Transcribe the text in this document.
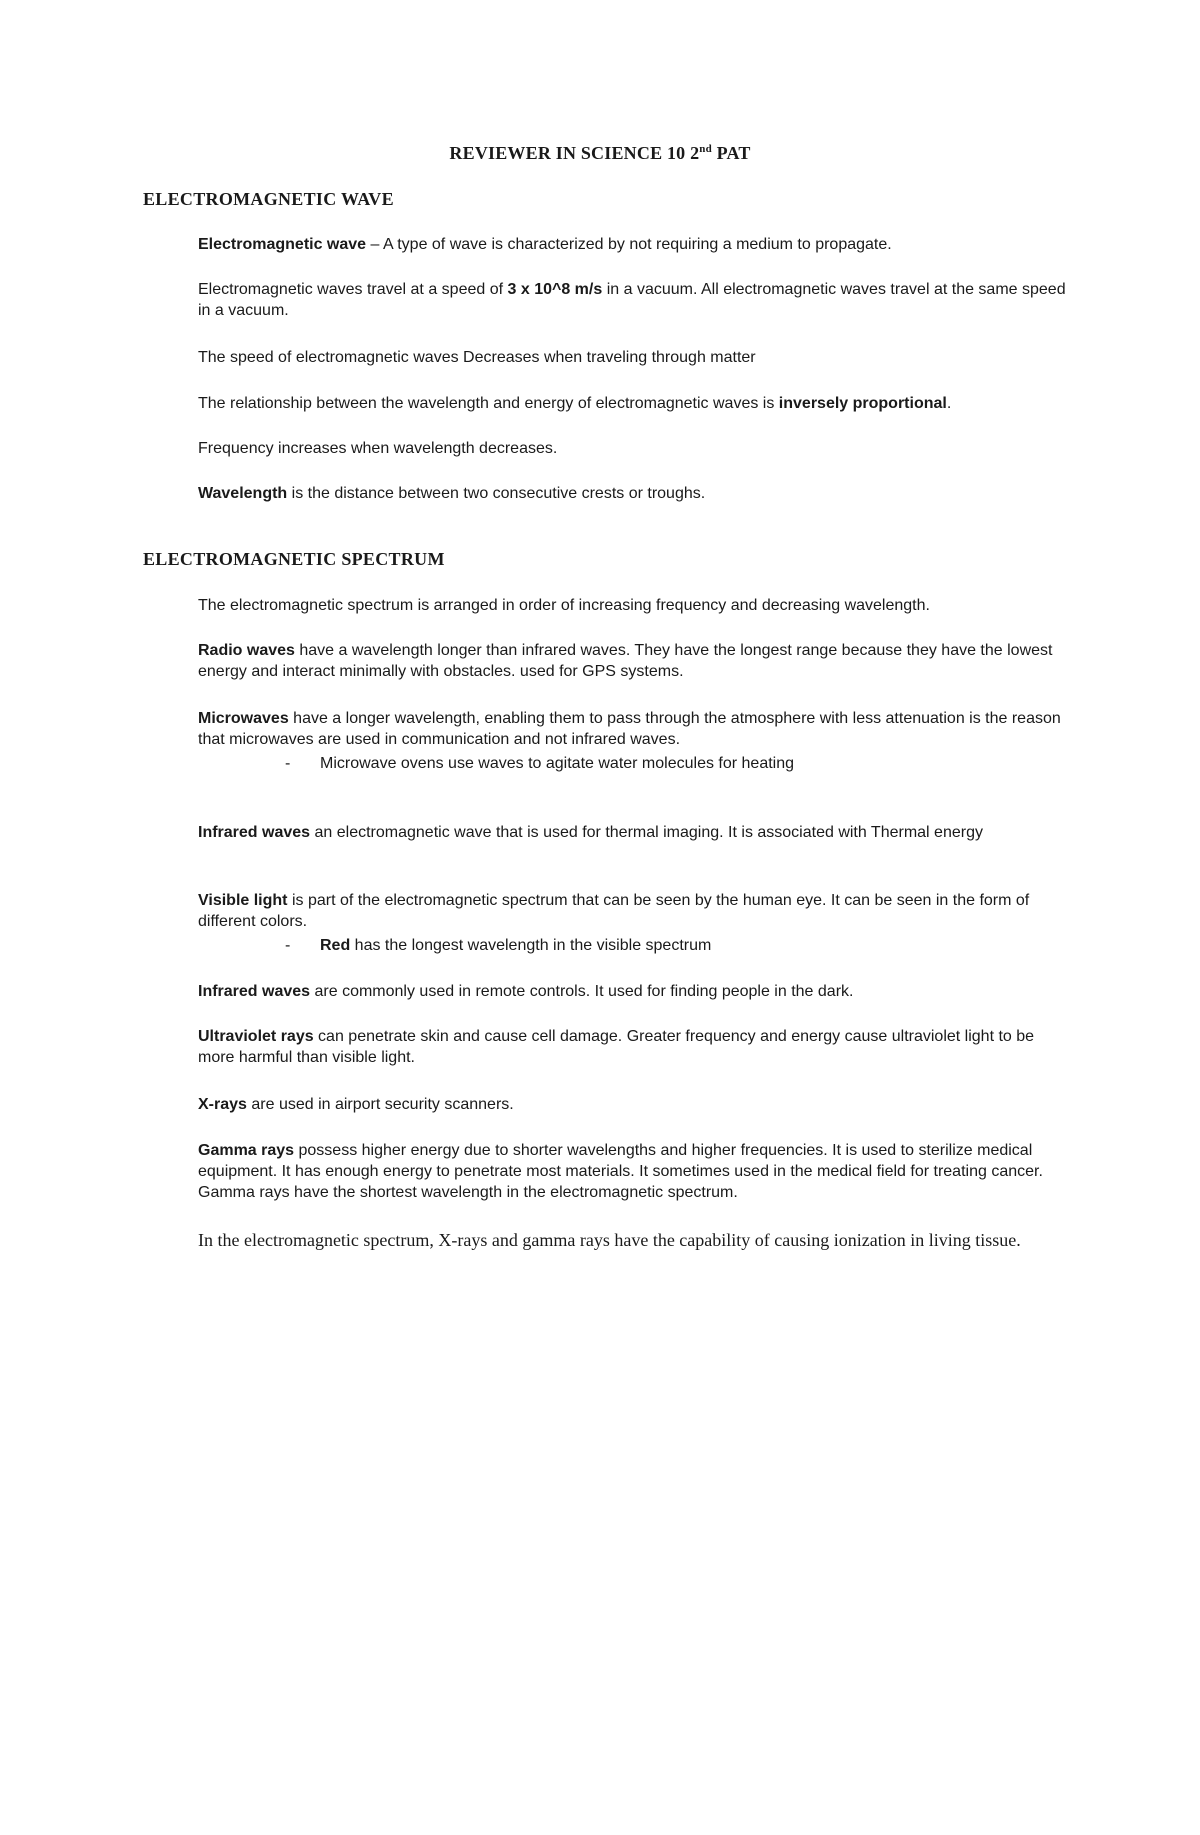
REVIEWER IN SCIENCE 10 2nd PAT
ELECTROMAGNETIC WAVE
Electromagnetic wave – A type of wave is characterized by not requiring a medium to propagate.
Electromagnetic waves travel at a speed of 3 x 10^8 m/s in a vacuum. All electromagnetic waves travel at the same speed in a vacuum.
The speed of electromagnetic waves Decreases when traveling through matter
The relationship between the wavelength and energy of electromagnetic waves is inversely proportional.
Frequency increases when wavelength decreases.
Wavelength is the distance between two consecutive crests or troughs.
ELECTROMAGNETIC SPECTRUM
The electromagnetic spectrum is arranged in order of increasing frequency and decreasing wavelength.
Radio waves have a wavelength longer than infrared waves. They have the longest range because they have the lowest energy and interact minimally with obstacles. used for GPS systems.
Microwaves have a longer wavelength, enabling them to pass through the atmosphere with less attenuation is the reason that microwaves are used in communication and not infrared waves.
- Microwave ovens use waves to agitate water molecules for heating
Infrared waves an electromagnetic wave that is used for thermal imaging. It is associated with Thermal energy
Visible light is part of the electromagnetic spectrum that can be seen by the human eye. It can be seen in the form of different colors.
- Red has the longest wavelength in the visible spectrum
Infrared waves are commonly used in remote controls. It used for finding people in the dark.
Ultraviolet rays can penetrate skin and cause cell damage. Greater frequency and energy cause ultraviolet light to be more harmful than visible light.
X-rays are used in airport security scanners.
Gamma rays possess higher energy due to shorter wavelengths and higher frequencies. It is used to sterilize medical equipment. It has enough energy to penetrate most materials. It sometimes used in the medical field for treating cancer. Gamma rays have the shortest wavelength in the electromagnetic spectrum.
In the electromagnetic spectrum, X-rays and gamma rays have the capability of causing ionization in living tissue.
